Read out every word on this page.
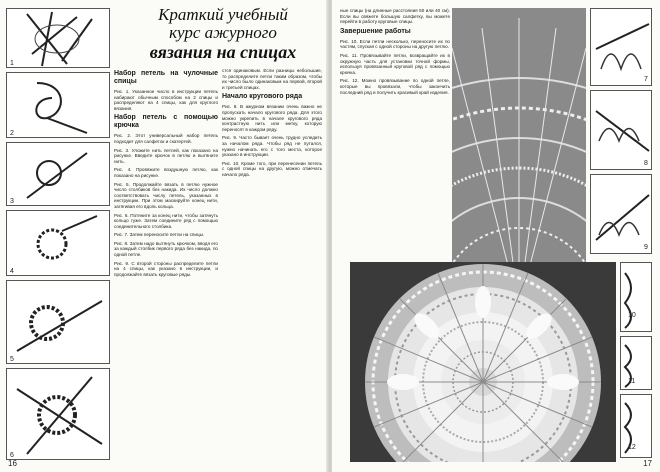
1
2
3
4
5
6
Краткий учебный
курс ажурного
вязания на спицах
Набор петель на чулочные спицы

Рис. 1. Указанное число в инструкции петель набирают обычным способом на 2 спицы и распределяют на 4 спицы, как для круглого вязания.

Набор петель с помощью крючка

Рис. 2. Этот универсальный набор петель подходит для салфеток и скатертей.

Рис. 3. Уложите нить петлей, как показано на рисунке. Введите крючок в петлю и вытяните нить.

Рис. 4. Провяжите воздушную петлю, как показано на рисунке.

Рис. 5. Продолжайте вязать в петлю нужное число столбиков без накида. Их число должно соответствовать числу петель, указанных в инструкции. При этом маскируйте конец нити, затягивая его вдоль кольца.

Рис. 6. Потяните за конец нити, чтобы затянуть кольцо туже. Затем соедините ряд с помощью соединительного столбика.

Рис. 7. Затем переносите петли на спицы.

Рис. 8. Затем надо вытянуть крючком, вводя его за каждый столбик первого ряда без накида, по одной петле.

Рис. 9. С второй стороны распределите петли на 4 спицы, как указано в инструкции, и продолжайте вязать круговые ряды.

стся одинаковым. Если разницы небольшие, то распределите петли таким образом, чтобы их число было одинаковым на первой, второй и третьей спицах.

Начало кругового ряда

Рис. 8. В ажурном вязании очень важно не пропускать начало кругового ряда. Для этого можно укрепить в начале кругового ряда контрастную нить или метку, которую переносят в каждом ряду.

Рис. 9. Часто бывает очень трудно уследить за началом ряда. Чтобы ряд не путался, нужно начинать его с того места, которое указано в инструкции.

Рис. 10. Кроме того, при перенесении петель с одной спицы на другую, можно отмечать начало ряда.

16

ные спицы (на длинные расстояния 50 или 40 см). Если вы свяжете большую салфетку, вы можете перейти в работу круговые спицы.

Завершение работы

Рис. 10. Если петли несколько, переносите их по частям, спуская с одной стороны на другую петлю.

Рис. 11. Провязывайте петли, возвращайте их в окружную часть для установки точной формы, используя провязанный круговой ряд с помощью крючка.

Рис. 12. Можно провязывание по одной петле, которые вы провязали, чтобы закончить последний ряд и получить красивый край изделия.

7
8
9
10
11
12
17
